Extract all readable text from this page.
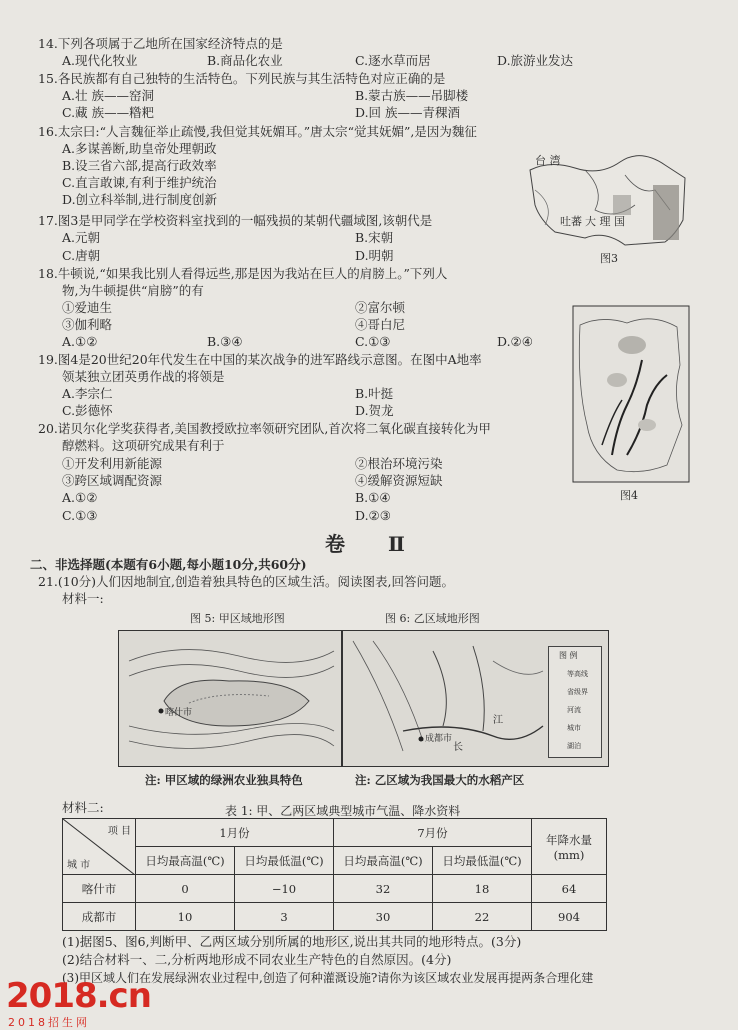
14.下列各项属于乙地所在国家经济特点的是
A.现代化牧业	B.商品化农业	C.逐水草而居	D.旅游业发达
15.各民族都有自己独特的生活特色。下列民族与其生活特色对应正确的是
A.壮 族——窑洞	B.蒙古族——吊脚楼
C.藏 族——糌粑	D.回 族——青稞酒
16.太宗曰:“人言魏征举止疏慢,我但觉其妩媚耳。”唐太宗“觉其妩媚”,是因为魏征
A.多谋善断,助皇帝处理朝政
B.设三省六部,提高行政效率
C.直言敢谏,有利于维护统治
D.创立科举制,进行制度创新
台 湾
吐蕃 大 理 国
图3
17.图3是甲同学在学校资料室找到的一幅残损的某朝代疆域图,该朝代是
A.元朝	B.宋朝
C.唐朝	D.明朝
18.牛顿说,“如果我比别人看得远些,那是因为我站在巨人的肩膀上。”下列人
物,为牛顿提供“肩膀”的有
①爱迪生	②富尔顿
③伽利略	④哥白尼
A.①②	B.③④	C.①③	D.②④
图4
19.图4是20世纪20年代发生在中国的某次战争的进军路线示意图。在图中A地率
领某独立团英勇作战的将领是
A.李宗仁	B.叶挺
C.彭德怀	D.贺龙
20.诺贝尔化学奖获得者,美国教授欧拉率领研究团队,首次将二氧化碳直接转化为甲
醇燃料。这项研究成果有利于
①开发利用新能源	②根治环境污染
③跨区域调配资源	④缓解资源短缺
A.①②	B.①④
C.①③	D.②③
卷 Ⅱ
二、非选择题(本题有6小题,每小题10分,共60分)
21.(10分)人们因地制宜,创造着独具特色的区域生活。阅读图表,回答问题。
材料一:
图 5: 甲区域地形图	图 6: 乙区域地形图
喀什市
成都市
长
江
图 例
等高线
省级界
河流
城市
湖泊
注: 甲区域的绿洲农业独具特色	注: 乙区域为我国最大的水稻产区
材料二:	表 1: 甲、乙两区域典型城市气温、降水资料
项 目
城 市	1月份		7月份		年降水量(mm)
	日均最高温(℃)	日均最低温(℃)	日均最高温(℃)	日均最低温(℃)	
喀什市	0	−10	32	18	64
成都市	10	3	30	22	904
(1)据图5、图6,判断甲、乙两区域分别所属的地形区,说出其共同的地形特点。(3分)
(2)结合材料一、二,分析两地形成不同农业生产特色的自然原因。(4分)
(3)甲区域人们在发展绿洲农业过程中,创造了何种灌溉设施?请你为该区域农业发展再提两条合理化建
2018.cn
2018招生网
